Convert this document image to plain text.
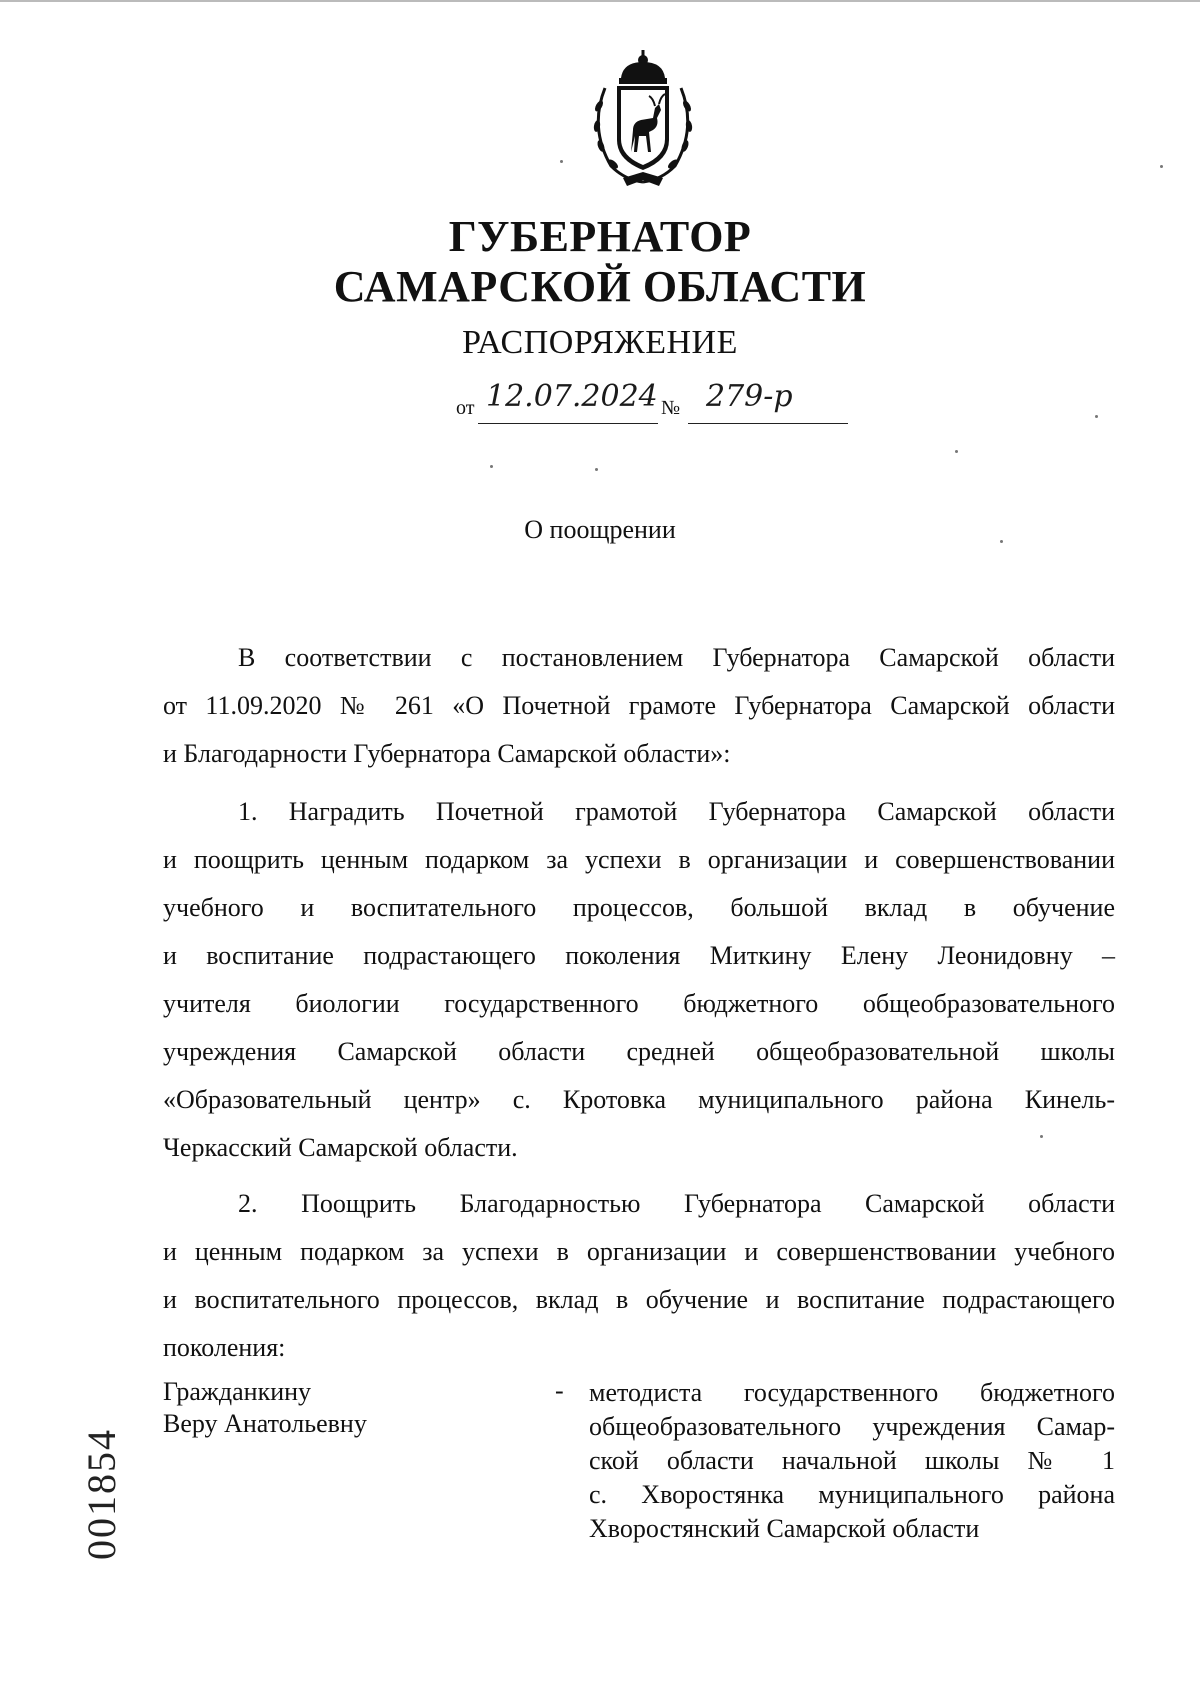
ГУБЕРНАТОР
САМАРСКОЙ ОБЛАСТИ
РАСПОРЯЖЕНИЕ
от 12.07.2024 № 279-р
О поощрении
В соответствии с постановлением Губернатора Самарской области
от 11.09.2020 № 261 «О Почетной грамоте Губернатора Самарской области
и Благодарности Губернатора Самарской области»:
1. Наградить Почетной грамотой Губернатора Самарской области
и поощрить ценным подарком за успехи в организации и совершенствовании
учебного и воспитательного процессов, большой вклад в обучение
и воспитание подрастающего поколения Миткину Елену Леонидовну –
учителя биологии государственного бюджетного общеобразовательного
учреждения Самарской области средней общеобразовательной школы
«Образовательный центр» с. Кротовка муниципального района Кинель-
Черкасский Самарской области.
2. Поощрить Благодарностью Губернатора Самарской области
и ценным подарком за успехи в организации и совершенствовании учебного
и воспитательного процессов, вклад в обучение и воспитание подрастающего
поколения:
Гражданкину
Веру Анатольевну
- методиста государственного бюджетного
общеобразовательного учреждения Самар-
ской области начальной школы № 1
с. Хворостянка муниципального района
Хворостянский Самарской области
001854
